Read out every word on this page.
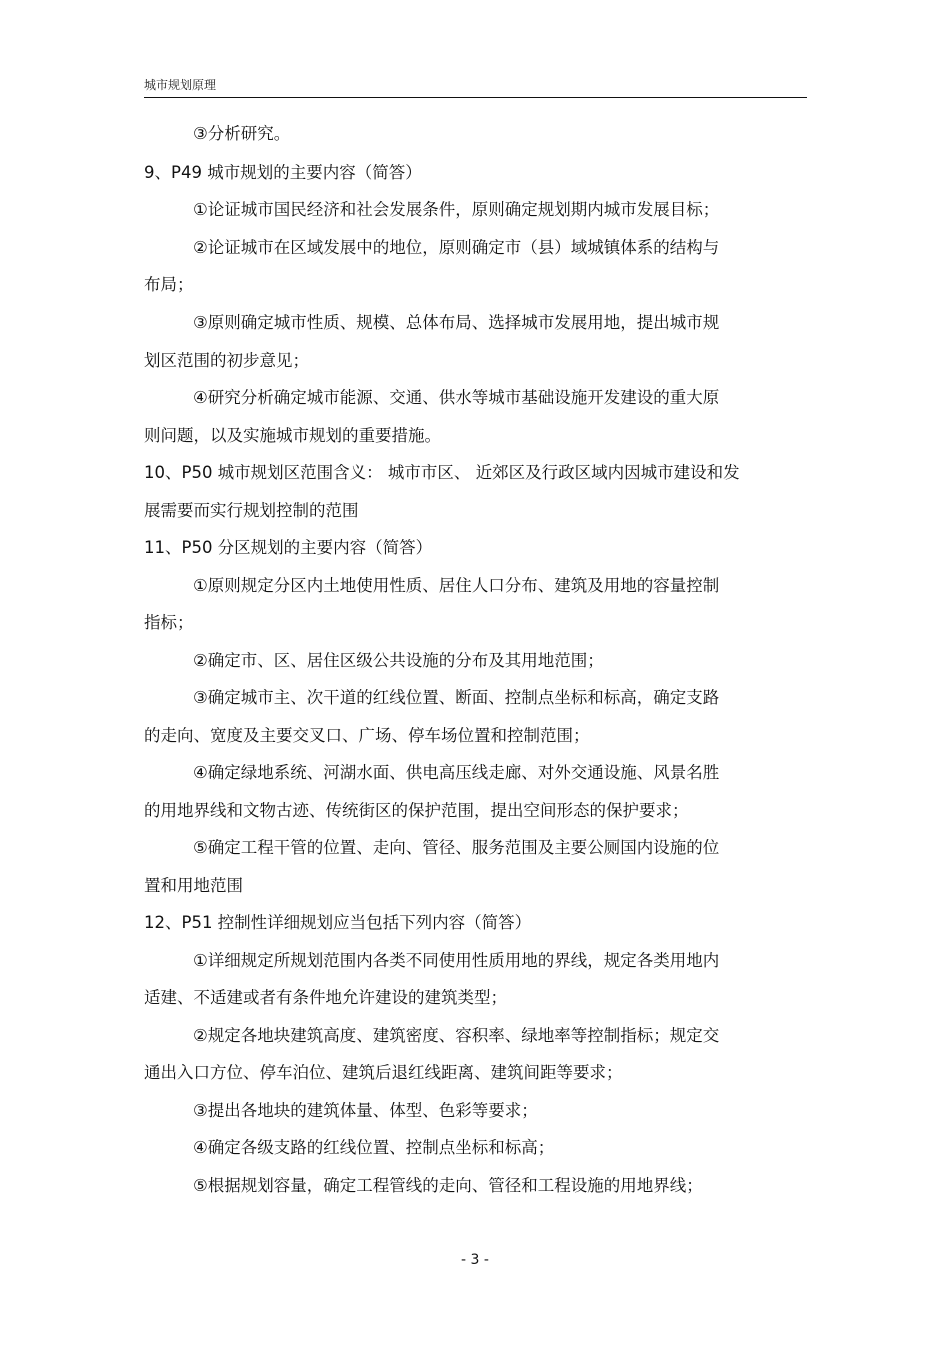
城市规划原理
③分析研究。
9、P49 城市规划的主要内容（简答）
①论证城市国民经济和社会发展条件，原则确定规划期内城市发展目标；
②论证城市在区域发展中的地位，原则确定市（县）域城镇体系的结构与
布局；
③原则确定城市性质、规模、总体布局、选择城市发展用地，提出城市规
划区范围的初步意见；
④研究分析确定城市能源、交通、供水等城市基础设施开发建设的重大原
则问题，以及实施城市规划的重要措施。
10、P50 城市规划区范围含义： 城市市区、 近郊区及行政区域内因城市建设和发
展需要而实行规划控制的范围
11、P50 分区规划的主要内容（简答）
①原则规定分区内土地使用性质、居住人口分布、建筑及用地的容量控制
指标；
②确定市、区、居住区级公共设施的分布及其用地范围；
③确定城市主、次干道的红线位置、断面、控制点坐标和标高，确定支路
的走向、宽度及主要交叉口、广场、停车场位置和控制范围；
④确定绿地系统、河湖水面、供电高压线走廊、对外交通设施、风景名胜
的用地界线和文物古迹、传统街区的保护范围，提出空间形态的保护要求；
⑤确定工程干管的位置、走向、管径、服务范围及主要公厕国内设施的位
置和用地范围
12、P51 控制性详细规划应当包括下列内容（简答）
①详细规定所规划范围内各类不同使用性质用地的界线，规定各类用地内
适建、不适建或者有条件地允许建设的建筑类型；
②规定各地块建筑高度、建筑密度、容积率、绿地率等控制指标；规定交
通出入口方位、停车泊位、建筑后退红线距离、建筑间距等要求；
③提出各地块的建筑体量、体型、色彩等要求；
④确定各级支路的红线位置、控制点坐标和标高；
⑤根据规划容量，确定工程管线的走向、管径和工程设施的用地界线；
- 3 -
